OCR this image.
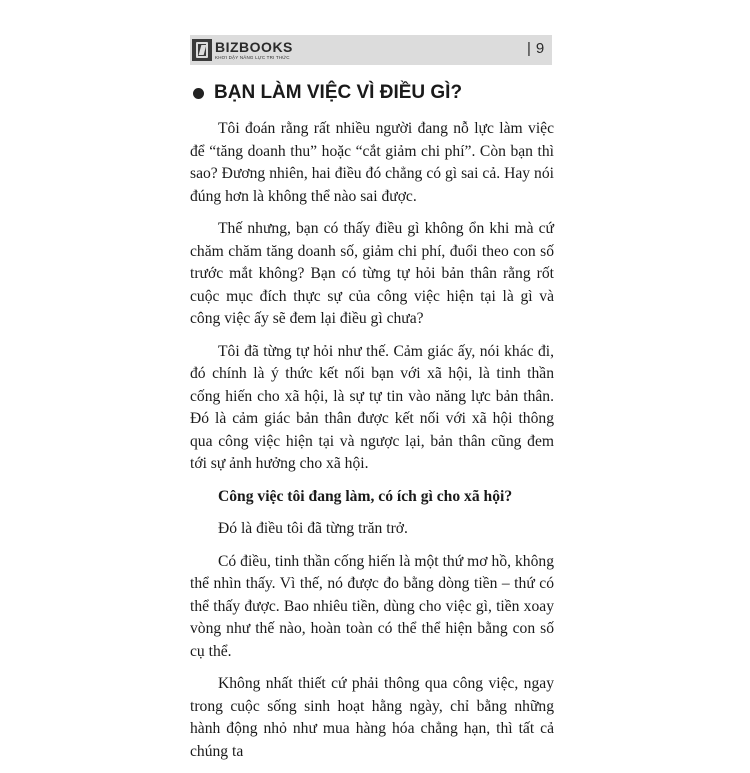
BIZBOOKS
KHƠI DẬY NĂNG LỰC TRI THỨC
| 9
BẠN LÀM VIỆC VÌ ĐIỀU GÌ?

Tôi đoán rằng rất nhiều người đang nỗ lực làm việc để “tăng doanh thu” hoặc “cắt giảm chi phí”. Còn bạn thì sao? Đương nhiên, hai điều đó chẳng có gì sai cả. Hay nói đúng hơn là không thể nào sai được.

Thế nhưng, bạn có thấy điều gì không ổn khi mà cứ chăm chăm tăng doanh số, giảm chi phí, đuổi theo con số trước mắt không? Bạn có từng tự hỏi bản thân rằng rốt cuộc mục đích thực sự của công việc hiện tại là gì và công việc ấy sẽ đem lại điều gì chưa?

Tôi đã từng tự hỏi như thế. Cảm giác ấy, nói khác đi, đó chính là ý thức kết nối bạn với xã hội, là tinh thần cống hiến cho xã hội, là sự tự tin vào năng lực bản thân. Đó là cảm giác bản thân được kết nối với xã hội thông qua công việc hiện tại và ngược lại, bản thân cũng đem tới sự ảnh hưởng cho xã hội.

Công việc tôi đang làm, có ích gì cho xã hội?

Đó là điều tôi đã từng trăn trở.

Có điều, tinh thần cống hiến là một thứ mơ hồ, không thể nhìn thấy. Vì thế, nó được đo bằng dòng tiền – thứ có thể thấy được. Bao nhiêu tiền, dùng cho việc gì, tiền xoay vòng như thế nào, hoàn toàn có thể thể hiện bằng con số cụ thể.

Không nhất thiết cứ phải thông qua công việc, ngay trong cuộc sống sinh hoạt hằng ngày, chỉ bằng những hành động nhỏ như mua hàng hóa chẳng hạn, thì tất cả chúng ta
